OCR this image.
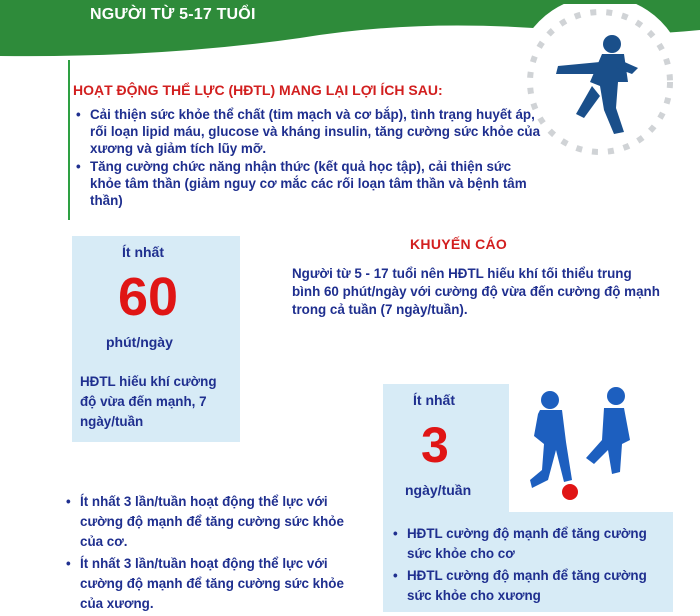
NGƯỜI TỪ 5-17 TUỔI
HOẠT ĐỘNG THỂ LỰC (HĐTL) MANG LẠI LỢI ÍCH SAU:
• Cải thiện sức khỏe thể chất (tim mạch và cơ bắp), tình trạng huyết áp, rối loạn lipid máu, glucose và kháng insulin, tăng cường sức khỏe của xương và giảm tích lũy mỡ.
• Tăng cường chức năng nhận thức (kết quả học tập), cải thiện sức khỏe tâm thần (giảm nguy cơ mắc các rối loạn tâm thần và bệnh tâm thần)
Ít nhất
60
phút/ngày
HĐTL hiếu khí cường độ vừa đến mạnh, 7 ngày/tuần
KHUYẾN CÁO
Người từ 5 - 17 tuổi nên HĐTL hiếu khí tối thiểu trung bình 60 phút/ngày với cường độ vừa đến cường độ mạnh trong cả tuần (7 ngày/tuần).
Ít nhất
3
ngày/tuần
• HĐTL cường độ mạnh để tăng cường sức khỏe cho cơ
• HĐTL cường độ mạnh để tăng cường sức khỏe cho xương
• Ít nhất 3 lần/tuần hoạt động thể lực với cường độ mạnh để tăng cường sức khỏe của cơ.
• Ít nhất 3 lần/tuần hoạt động thể lực với cường độ mạnh để tăng cường sức khỏe của xương.
